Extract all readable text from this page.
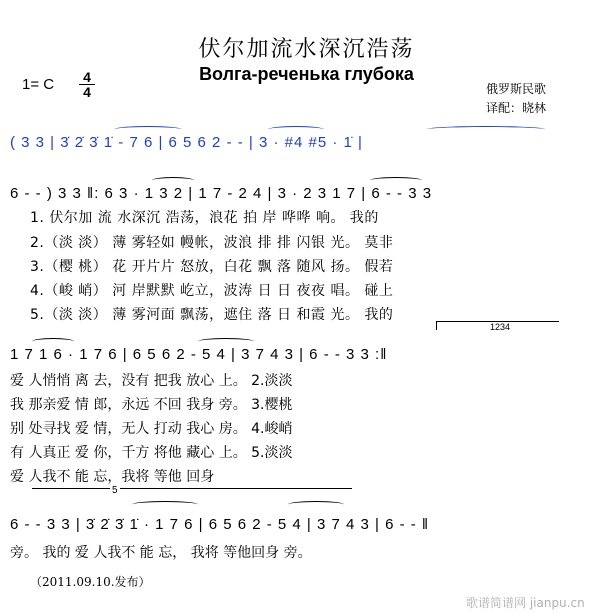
伏尔加流水深沉浩荡
Волга-реченька глубока
1= C 4
4	俄罗斯民歌
译配：晓林
( 3 3 | 3̇ 2̇ 3̇ 1̇ - 7 6 | 6 5 6 2 - - | 3 · #4 #5 · 1̇ |
6 - - ) 3 3 ‖: 6 3 · 1 3 2 | 1 7 - 2 4 | 3 · 2 3 1 7 | 6 - - 3 3
1. 伏尔加 流 水深沉 浩荡，浪花 拍 岸 哗哗 响。 我的
2.（淡 淡） 薄 雾轻如 幔帐，波浪 排 排 闪银 光。 莫非
3.（樱 桃） 花 开片片 怒放，白花 飘 落 随风 扬。 假若
4.（峻 峭） 河 岸默默 屹立，波涛 日 日 夜夜 唱。 碰上
5.（淡 淡） 薄 雾河面 飘荡，遮住 落 日 和霞 光。 我的
1234
1 7 1 6 · 1 7 6 | 6 5 6 2 - 5 4 | 3 7 4 3 | 6 - - 3 3 :‖
爱 人悄悄 离 去，没有 把我 放心 上。 2.淡淡
我 那亲爱 情 郎，永远 不回 我身 旁。 3.樱桃
别 处寻找 爱 情，无人 打动 我心 房。 4.峻峭
有 人真正 爱 你，千方 将他 藏心 上。 5.淡淡
爱 人我不 能 忘，我将 等他 回身
5
6 - - 3 3 | 3̇ 2̇ 3̇ 1̇ · 1 7 6 | 6 5 6 2 - 5 4 | 3 7 4 3 | 6 - - ‖
旁。 我的 爱 人我不 能 忘， 我将 等他回身 旁。
（2011.09.10.发布）
歌谱简谱网 jianpu.cn
